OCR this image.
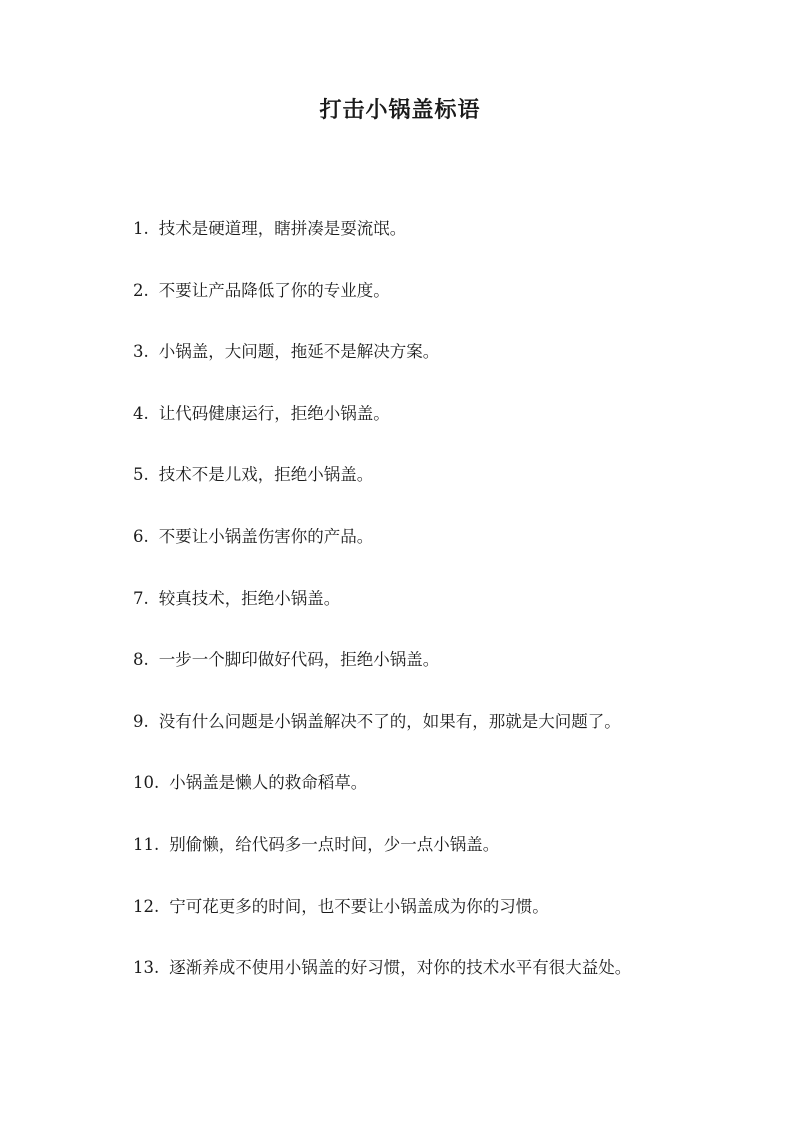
打击小锅盖标语
1. 技术是硬道理，瞎拼凑是耍流氓。
2. 不要让产品降低了你的专业度。
3. 小锅盖，大问题，拖延不是解决方案。
4. 让代码健康运行，拒绝小锅盖。
5. 技术不是儿戏，拒绝小锅盖。
6. 不要让小锅盖伤害你的产品。
7. 较真技术，拒绝小锅盖。
8. 一步一个脚印做好代码，拒绝小锅盖。
9. 没有什么问题是小锅盖解决不了的，如果有，那就是大问题了。
10. 小锅盖是懒人的救命稻草。
11. 别偷懒，给代码多一点时间，少一点小锅盖。
12. 宁可花更多的时间，也不要让小锅盖成为你的习惯。
13. 逐渐养成不使用小锅盖的好习惯，对你的技术水平有很大益处。
